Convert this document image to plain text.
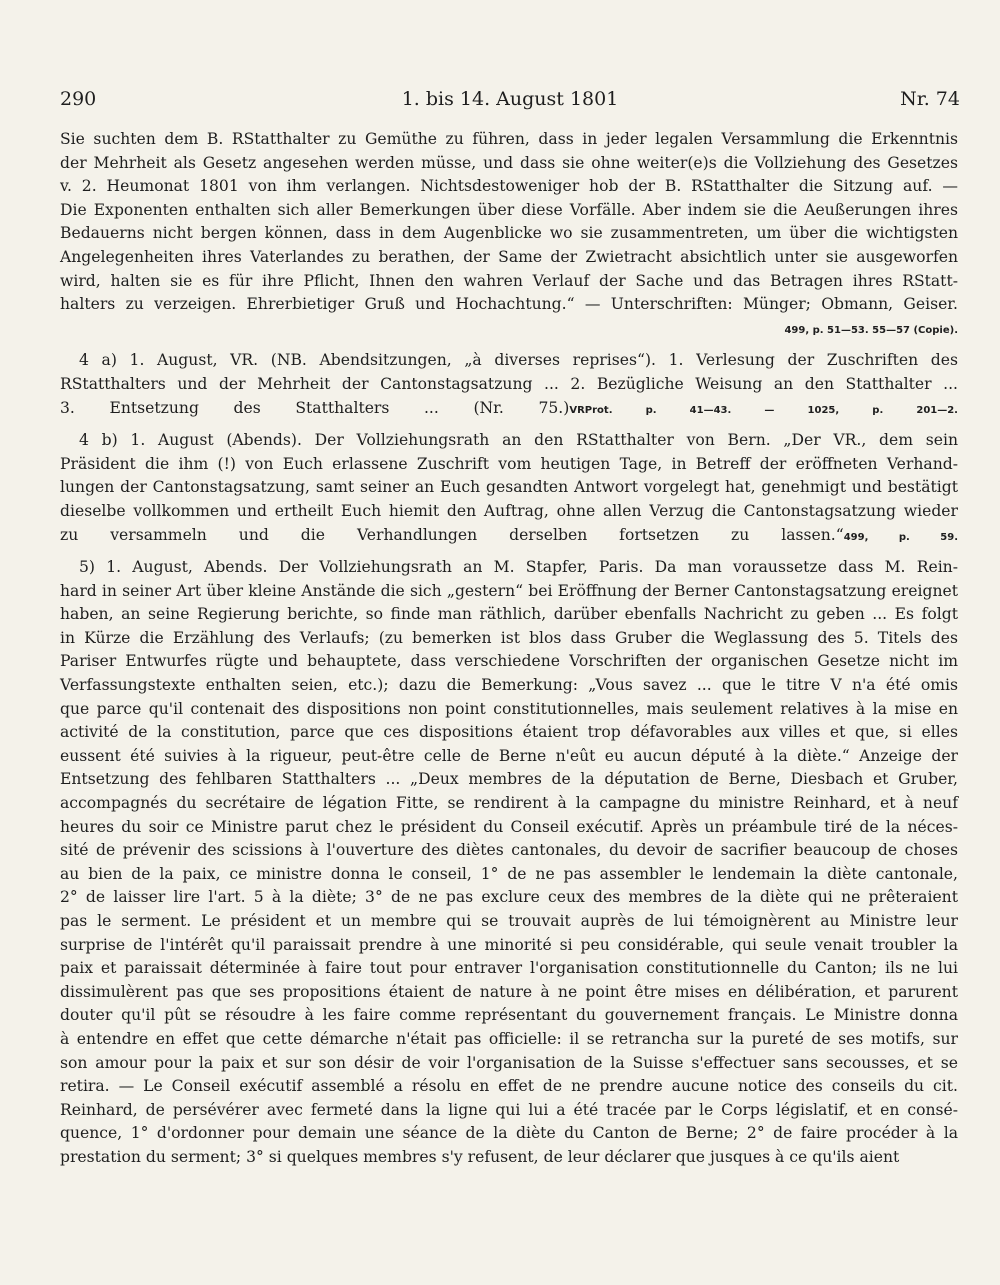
290	1. bis 14. August 1801	Nr. 74
Sie suchten dem B. RStatthalter zu Gemüthe zu führen, dass in jeder legalen Versammlung die Erkenntnis
der Mehrheit als Gesetz angesehen werden müsse, und dass sie ohne weiter(e)s die Vollziehung des Gesetzes
v. 2. Heumonat 1801 von ihm verlangen. Nichtsdestoweniger hob der B. RStatthalter die Sitzung auf. —
Die Exponenten enthalten sich aller Bemerkungen über diese Vorfälle. Aber indem sie die Aeußerungen ihres
Bedauerns nicht bergen können, dass in dem Augenblicke wo sie zusammentreten, um über die wichtigsten
Angelegenheiten ihres Vaterlandes zu berathen, der Same der Zwietracht absichtlich unter sie ausgeworfen
wird, halten sie es für ihre Pflicht, Ihnen den wahren Verlauf der Sache und das Betragen ihres RStatt-
halters zu verzeigen. Ehrerbietiger Gruß und Hochachtung.“ — Unterschriften: Münger; Obmann, Geiser.
499, p. 51—53. 55—57 (Copie).
4 a) 1. August, VR. (NB. Abendsitzungen, „à diverses reprises“). 1. Verlesung der Zuschriften des
RStatthalters und der Mehrheit der Cantonstagsatzung ... 2. Bezügliche Weisung an den Statthalter ...
3. Entsetzung des Statthalters ... (Nr. 75.)VRProt. p. 41—43. — 1025, p. 201—2.
4 b) 1. August (Abends). Der Vollziehungsrath an den RStatthalter von Bern. „Der VR., dem sein
Präsident die ihm (!) von Euch erlassene Zuschrift vom heutigen Tage, in Betreff der eröffneten Verhand-
lungen der Cantonstagsatzung, samt seiner an Euch gesandten Antwort vorgelegt hat, genehmigt und bestätigt
dieselbe vollkommen und ertheilt Euch hiemit den Auftrag, ohne allen Verzug die Cantonstagsatzung wieder
zu versammeln und die Verhandlungen derselben fortsetzen zu lassen.“499, p. 59.
5) 1. August, Abends. Der Vollziehungsrath an M. Stapfer, Paris. Da man voraussetze dass M. Rein-
hard in seiner Art über kleine Anstände die sich „gestern“ bei Eröffnung der Berner Cantonstagsatzung ereignet
haben, an seine Regierung berichte, so finde man räthlich, darüber ebenfalls Nachricht zu geben ... Es folgt
in Kürze die Erzählung des Verlaufs; (zu bemerken ist blos dass Gruber die Weglassung des 5. Titels des
Pariser Entwurfes rügte und behauptete, dass verschiedene Vorschriften der organischen Gesetze nicht im
Verfassungstexte enthalten seien, etc.); dazu die Bemerkung: „Vous savez ... que le titre V n'a été omis
que parce qu'il contenait des dispositions non point constitutionnelles, mais seulement relatives à la mise en
activité de la constitution, parce que ces dispositions étaient trop défavorables aux villes et que, si elles
eussent été suivies à la rigueur, peut-être celle de Berne n'eût eu aucun député à la diète.“ Anzeige der
Entsetzung des fehlbaren Statthalters ... „Deux membres de la députation de Berne, Diesbach et Gruber,
accompagnés du secrétaire de légation Fitte, se rendirent à la campagne du ministre Reinhard, et à neuf
heures du soir ce Ministre parut chez le président du Conseil exécutif. Après un préambule tiré de la néces-
sité de prévenir des scissions à l'ouverture des diètes cantonales, du devoir de sacrifier beaucoup de choses
au bien de la paix, ce ministre donna le conseil, 1° de ne pas assembler le lendemain la diète cantonale,
2° de laisser lire l'art. 5 à la diète; 3° de ne pas exclure ceux des membres de la diète qui ne prêteraient
pas le serment. Le président et un membre qui se trouvait auprès de lui témoignèrent au Ministre leur
surprise de l'intérêt qu'il paraissait prendre à une minorité si peu considérable, qui seule venait troubler la
paix et paraissait déterminée à faire tout pour entraver l'organisation constitutionnelle du Canton; ils ne lui
dissimulèrent pas que ses propositions étaient de nature à ne point être mises en délibération, et parurent
douter qu'il pût se résoudre à les faire comme représentant du gouvernement français. Le Ministre donna
à entendre en effet que cette démarche n'était pas officielle: il se retrancha sur la pureté de ses motifs, sur
son amour pour la paix et sur son désir de voir l'organisation de la Suisse s'effectuer sans secousses, et se
retira. — Le Conseil exécutif assemblé a résolu en effet de ne prendre aucune notice des conseils du cit.
Reinhard, de persévérer avec fermeté dans la ligne qui lui a été tracée par le Corps législatif, et en consé-
quence, 1° d'ordonner pour demain une séance de la diète du Canton de Berne; 2° de faire procéder à la
prestation du serment; 3° si quelques membres s'y refusent, de leur déclarer que jusques à ce qu'ils aient
